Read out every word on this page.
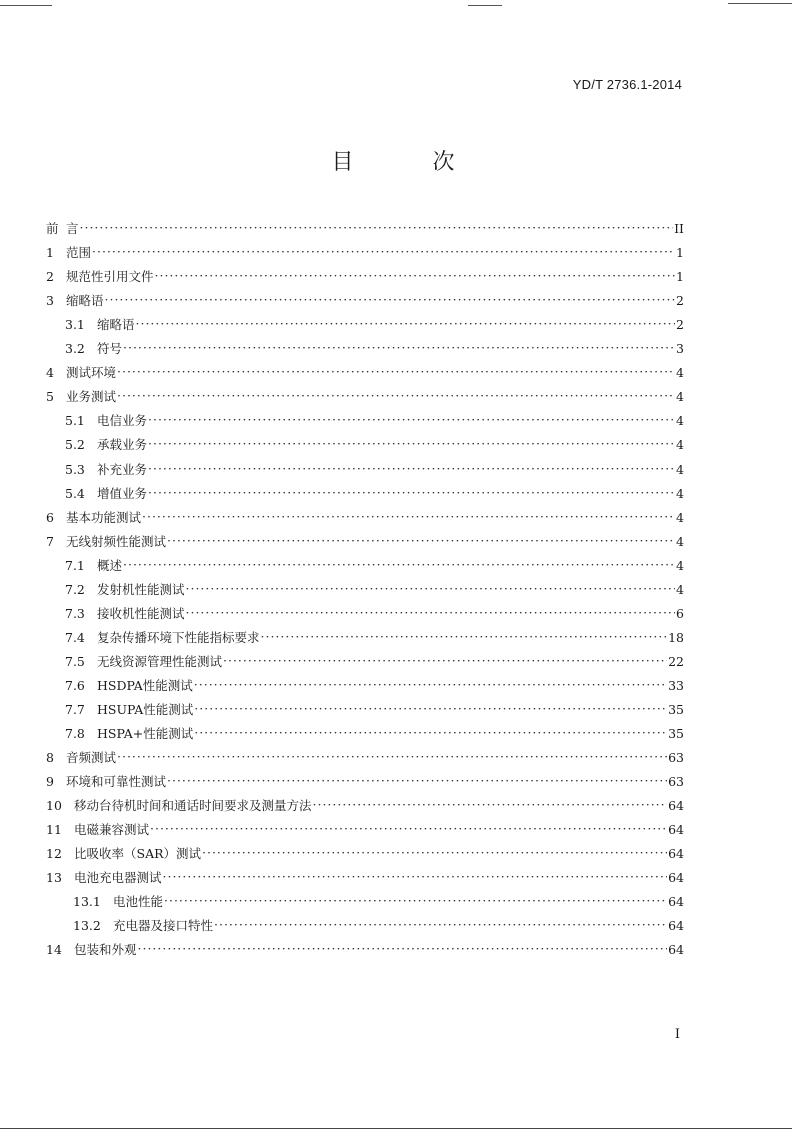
YD/T 2736.1-2014
目 次
前 言 ·····	II
1 范围 ·····	1
2 规范性引用文件 ·····	1
3 缩略语 ·····	2
3.1 缩略语 ·····	2
3.2 符号 ·····	3
4 测试环境 ·····	4
5 业务测试 ·····	4
5.1 电信业务 ·····	4
5.2 承载业务 ·····	4
5.3 补充业务 ·····	4
5.4 增值业务 ·····	4
6 基本功能测试 ·····	4
7 无线射频性能测试 ·····	4
7.1 概述 ·····	4
7.2 发射机性能测试 ·····	4
7.3 接收机性能测试 ·····	6
7.4 复杂传播环境下性能指标要求 ·····	18
7.5 无线资源管理性能测试 ·····	22
7.6 HSDPA性能测试 ·····	33
7.7 HSUPA性能测试 ·····	35
7.8 HSPA+性能测试 ·····	35
8 音频测试 ·····	63
9 环境和可靠性测试 ·····	63
10 移动台待机时间和通话时间要求及测量方法 ·····	64
11 电磁兼容测试 ·····	64
12 比吸收率（SAR）测试 ·····	64
13 电池充电器测试 ·····	64
13.1 电池性能 ·····	64
13.2 充电器及接口特性 ·····	64
14 包装和外观 ·····	64
I
